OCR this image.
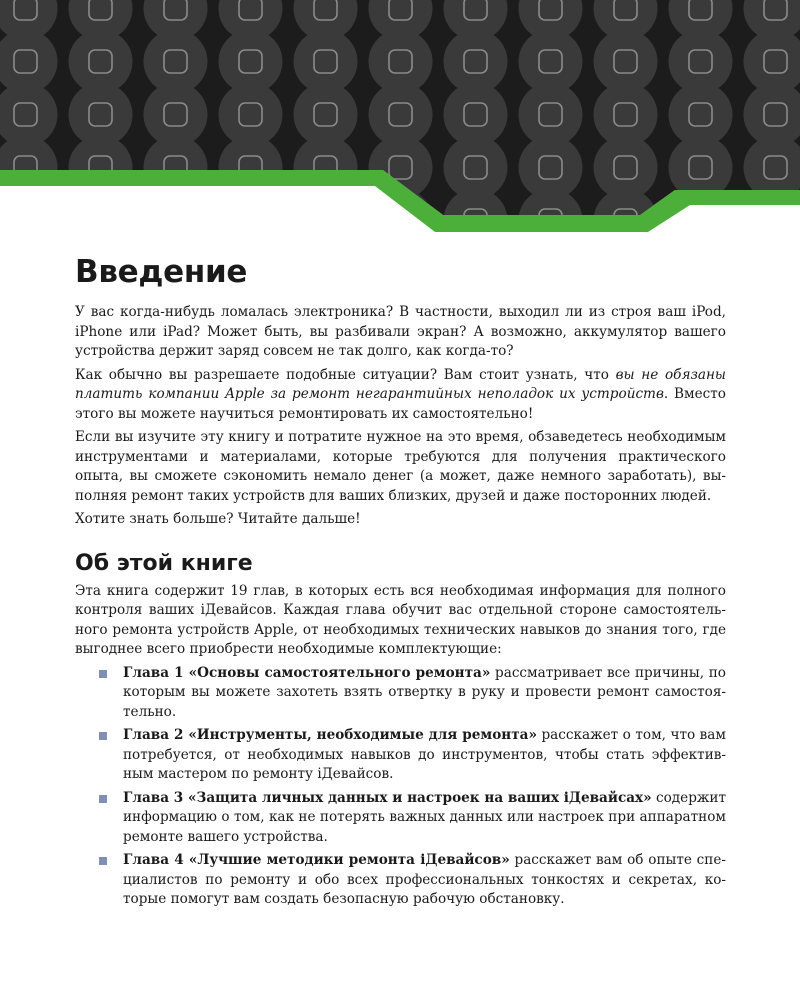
Введение

У вас когда-нибудь ломалась электроника? В частности, выходил ли из строя ваш iPod, iPhone или iPad? Может быть, вы разбивали экран? А возможно, аккумулятор вашего устройства держит заряд совсем не так долго, как когда-то?

Как обычно вы разрешаете подобные ситуации? Вам стоит узнать, что вы не обязаны платить компании Apple за ремонт негарантийных неполадок их устройств. Вместо этого вы можете научиться ремонтировать их самостоятельно!

Если вы изучите эту книгу и потратите нужное на это время, обзаведетесь необходимым инструментами и материалами, которые требуются для получения практического опыта, вы сможете сэкономить немало денег (а может, даже немного заработать), выполняя ремонт таких устройств для ваших близких, друзей и даже посторонних людей.

Хотите знать больше? Читайте дальше!

Об этой книге

Эта книга содержит 19 глав, в которых есть вся необходимая информация для полного контроля ваших iДевайсов. Каждая глава обучит вас отдельной стороне самостоятельного ремонта устройств Apple, от необходимых технических навыков до знания того, где выгоднее всего приобрести необходимые комплектующие:

Глава 1 «Основы самостоятельного ремонта» рассматривает все причины, по которым вы можете захотеть взять отвертку в руку и провести ремонт самостоятельно.
Глава 2 «Инструменты, необходимые для ремонта» расскажет о том, что вам потребуется, от необходимых навыков до инструментов, чтобы стать эффективным мастером по ремонту iДевайсов.
Глава 3 «Защита личных данных и настроек на ваших iДевайсах» содержит информацию о том, как не потерять важных данных или настроек при аппаратном ремонте вашего устройства.
Глава 4 «Лучшие методики ремонта iДевайсов» расскажет вам об опыте специалистов по ремонту и обо всех профессиональных тонкостях и секретах, которые помогут вам создать безопасную рабочую обстановку.
